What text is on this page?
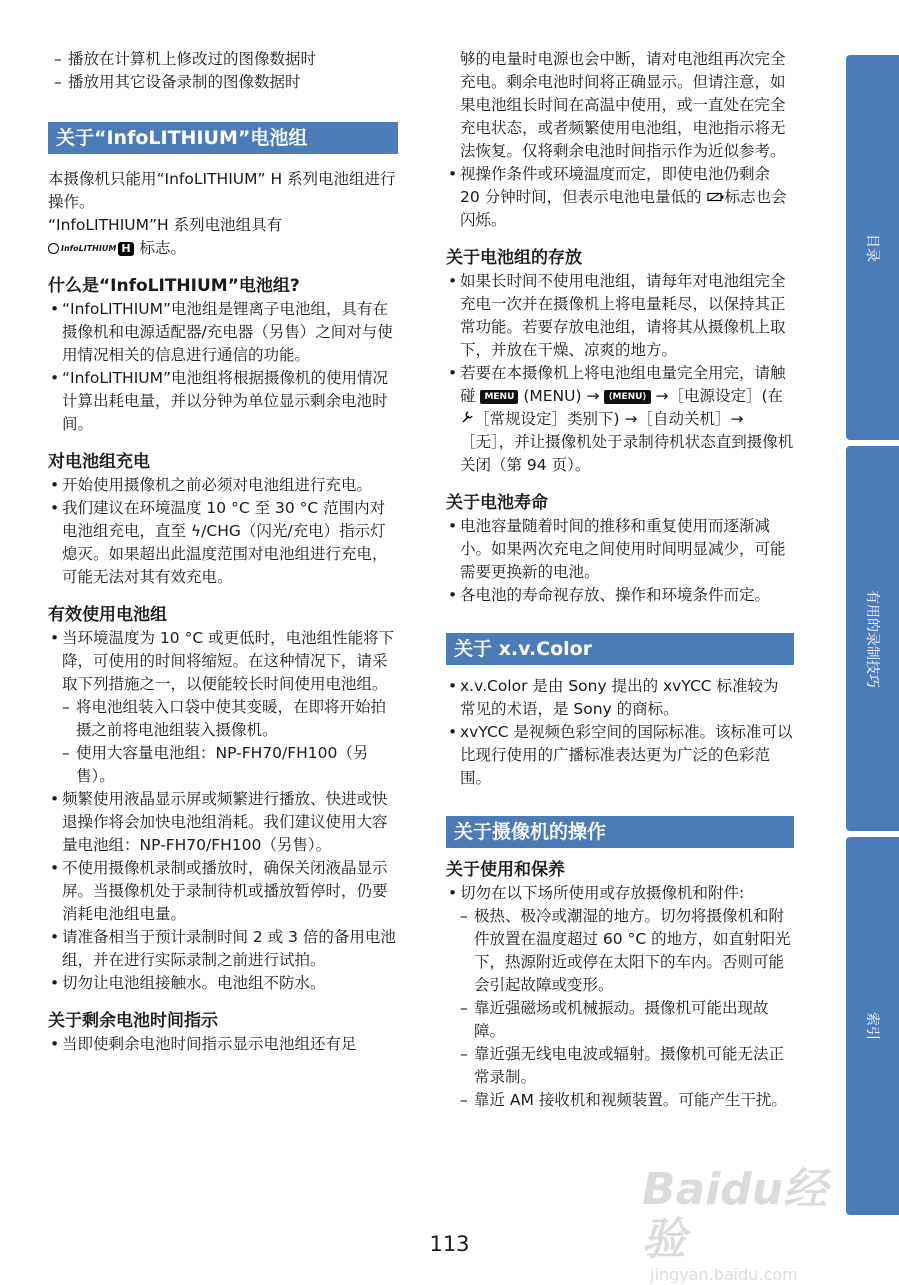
– 播放在计算机上修改过的图像数据时

– 播放用其它设备录制的图像数据时

关于“InfoLITHIUM”电池组

本摄像机只能用“InfoLITHIUM” H 系列电池组进行操作。

“InfoLITHIUM”H 系列电池组具有

InfoLITHIUM H 标志。

什么是“InfoLITHIUM”电池组?
• “InfoLITHIUM”电池组是锂离子电池组，具有在摄像机和电源适配器/充电器（另售）之间对与使用情况相关的信息进行通信的功能。
• “InfoLITHIUM”电池组将根据摄像机的使用情况计算出耗电量，并以分钟为单位显示剩余电池时间。
对电池组充电
• 开始使用摄像机之前必须对电池组进行充电。
• 我们建议在环境温度 10 °C 至 30 °C 范围内对电池组充电，直至 ϟ/CHG（闪光/充电）指示灯熄灭。如果超出此温度范围对电池组进行充电，可能无法对其有效充电。
有效使用电池组
• 当环境温度为 10 °C 或更低时，电池组性能将下降，可使用的时间将缩短。在这种情况下，请采取下列措施之一，以便能较长时间使用电池组。
– 将电池组装入口袋中使其变暖，在即将开始拍摄之前将电池组装入摄像机。
– 使用大容量电池组：NP-FH70/FH100（另售）。
• 频繁使用液晶显示屏或频繁进行播放、快进或快退操作将会加快电池组消耗。我们建议使用大容量电池组：NP-FH70/FH100（另售）。
• 不使用摄像机录制或播放时，确保关闭液晶显示屏。当摄像机处于录制待机或播放暂停时，仍要消耗电池组电量。
• 请准备相当于预计录制时间 2 或 3 倍的备用电池组，并在进行实际录制之前进行试拍。
• 切勿让电池组接触水。电池组不防水。
关于剩余电池时间指示
• 当即使剩余电池时间指示显示电池组还有足

够的电量时电源也会中断，请对电池组再次完全充电。剩余电池时间将正确显示。但请注意，如果电池组长时间在高温中使用，或一直处在完全充电状态，或者频繁使用电池组，电池指示将无法恢复。仅将剩余电池时间指示作为近似参考。

• 视操作条件或环境温度而定，即使电池仍剩余 20 分钟时间，但表示电池电量低的 标志也会闪烁。
关于电池组的存放
• 如果长时间不使用电池组，请每年对电池组完全充电一次并在摄像机上将电量耗尽，以保持其正常功能。若要存放电池组，请将其从摄像机上取下，并放在干燥、凉爽的地方。
• 若要在本摄像机上将电池组电量完全用完，请触碰 MENU (MENU) → ⟨MENU⟩ →［电源设定］(在 ［常规设定］类别下) →［自动关机］→［无］，并让摄像机处于录制待机状态直到摄像机关闭（第 94 页）。
关于电池寿命
• 电池容量随着时间的推移和重复使用而逐渐减小。如果两次充电之间使用时间明显减少，可能需要更换新的电池。
• 各电池的寿命视存放、操作和环境条件而定。
关于 x.v.Color
• x.v.Color 是由 Sony 提出的 xvYCC 标准较为常见的术语，是 Sony 的商标。
• xvYCC 是视频色彩空间的国际标准。该标准可以比现行使用的广播标准表达更为广泛的色彩范围。
关于摄像机的操作
关于使用和保养
• 切勿在以下场所使用或存放摄像机和附件:
– 极热、极冷或潮湿的地方。切勿将摄像机和附件放置在温度超过 60 °C 的地方，如直射阳光下，热源附近或停在太阳下的车内。否则可能会引起故障或变形。
– 靠近强磁场或机械振动。摄像机可能出现故障。
– 靠近强无线电电波或辐射。摄像机可能无法正常录制。
– 靠近 AM 接收机和视频装置。可能产生干扰。
目录
有用的录制技巧
索引
113
Baidu经验
jingyan.baidu.com
